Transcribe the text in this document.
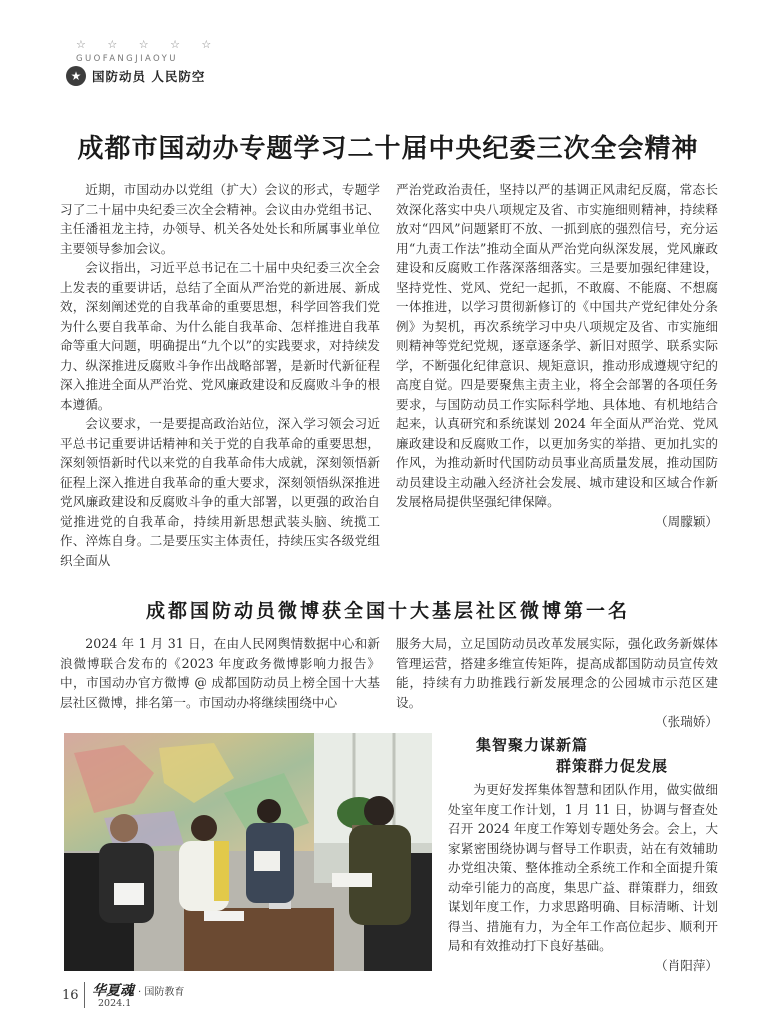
☆ ☆ ☆ ☆ ☆
GUOFANGJIAOYU
★ 国防动员 人民防空
成都市国动办专题学习二十届中央纪委三次全会精神

近期，市国动办以党组（扩大）会议的形式，专题学习了二十届中央纪委三次全会精神。会议由办党组书记、主任潘祖龙主持，办领导、机关各处处长和所属事业单位主要领导参加会议。

会议指出，习近平总书记在二十届中央纪委三次全会上发表的重要讲话，总结了全面从严治党的新进展、新成效，深刻阐述党的自我革命的重要思想，科学回答我们党为什么要自我革命、为什么能自我革命、怎样推进自我革命等重大问题，明确提出“九个以”的实践要求，对持续发力、纵深推进反腐败斗争作出战略部署，是新时代新征程深入推进全面从严治党、党风廉政建设和反腐败斗争的根本遵循。

会议要求，一是要提高政治站位，深入学习领会习近平总书记重要讲话精神和关于党的自我革命的重要思想，深刻领悟新时代以来党的自我革命伟大成就，深刻领悟新征程上深入推进自我革命的重大要求，深刻领悟纵深推进党风廉政建设和反腐败斗争的重大部署，以更强的政治自觉推进党的自我革命，持续用新思想武装头脑、统揽工作、淬炼自身。二是要压实主体责任，持续压实各级党组织全面从

严治党政治责任，坚持以严的基调正风肃纪反腐，常态长效深化落实中央八项规定及省、市实施细则精神，持续释放对“四风”问题紧盯不放、一抓到底的强烈信号，充分运用“九责工作法”推动全面从严治党向纵深发展，党风廉政建设和反腐败工作落深落细落实。三是要加强纪律建设，坚持党性、党风、党纪一起抓，不敢腐、不能腐、不想腐一体推进，以学习贯彻新修订的《中国共产党纪律处分条例》为契机，再次系统学习中央八项规定及省、市实施细则精神等党纪党规，逐章逐条学、新旧对照学、联系实际学，不断强化纪律意识、规矩意识，推动形成遵规守纪的高度自觉。四是要聚焦主责主业，将全会部署的各项任务要求，与国防动员工作实际科学地、具体地、有机地结合起来，认真研究和系统谋划 2024 年全面从严治党、党风廉政建设和反腐败工作，以更加务实的举措、更加扎实的作风，为推动新时代国防动员事业高质量发展，推动国防动员建设主动融入经济社会发展、城市建设和区域合作新发展格局提供坚强纪律保障。

（周朦颖）
成都国防动员微博获全国十大基层社区微博第一名

2024 年 1 月 31 日，在由人民网舆情数据中心和新浪微博联合发布的《2023 年度政务微博影响力报告》中，市国动办官方微博 @ 成都国防动员上榜全国十大基层社区微博，排名第一。市国动办将继续围绕中心

服务大局，立足国防动员改革发展实际，强化政务新媒体管理运营，搭建多维宣传矩阵，提高成都国防动员宣传效能，持续有力助推践行新发展理念的公园城市示范区建设。

（张瑞娇）
集智聚力谋新篇
群策群力促发展

为更好发挥集体智慧和团队作用，做实做细处室年度工作计划，1 月 11 日，协调与督查处召开 2024 年度工作筹划专题处务会。会上，大家紧密围绕协调与督导工作职责，站在有效辅助办党组决策、整体推动全系统工作和全面提升策动牵引能力的高度，集思广益、群策群力，细致谋划年度工作，力求思路明确、目标清晰、计划得当、措施有力，为全年工作高位起步、顺利开局和有效推动打下良好基础。

（肖阳萍）
16 华夏魂 · 国防教育
2024.1
